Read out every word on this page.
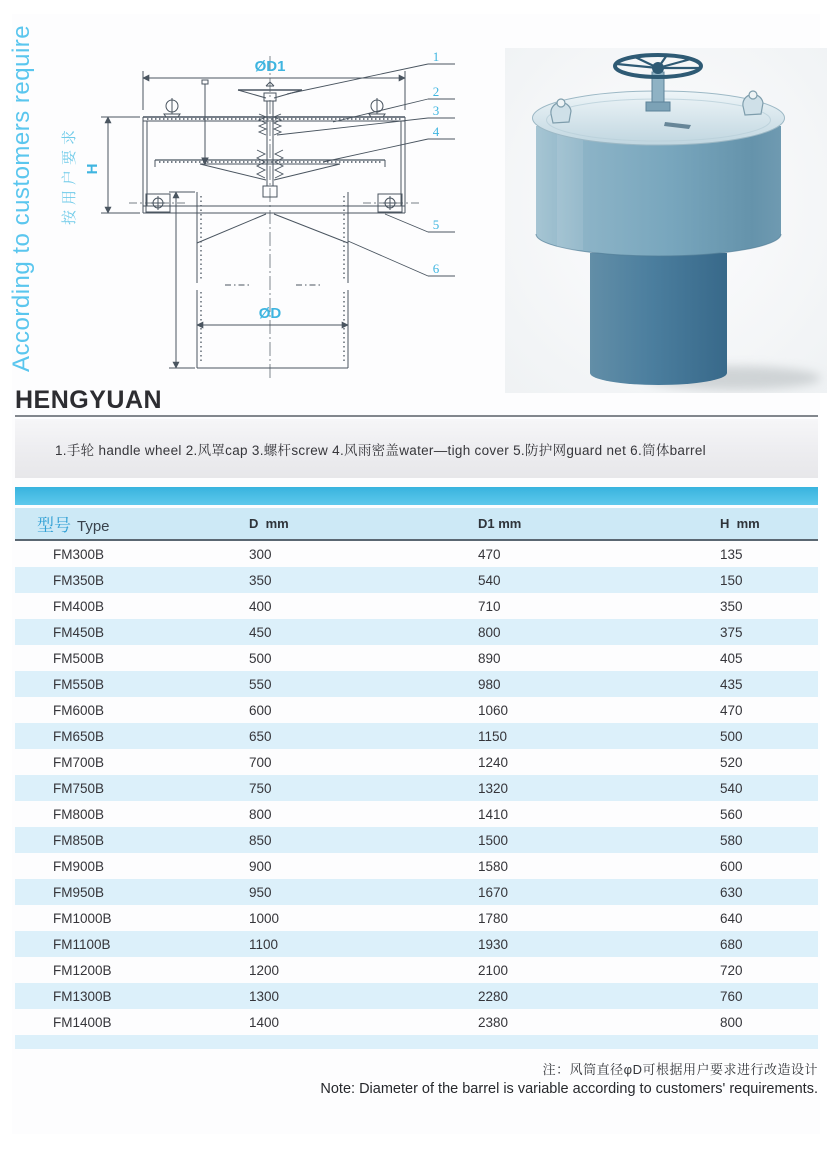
According to customers require 按用户要求
1
2
3
4
5
6
ØD1
H
ØD
HENGYUAN
1.手轮 handle wheel 2.风罩cap 3.螺杆screw 4.风雨密盖water—tigh cover 5.防护网guard net 6.筒体barrel
型号 Type	D  mm	D1 mm	H  mm
FM300B	300	470	135
FM350B	350	540	150
FM400B	400	710	350
FM450B	450	800	375
FM500B	500	890	405
FM550B	550	980	435
FM600B	600	1060	470
FM650B	650	1150	500
FM700B	700	1240	520
FM750B	750	1320	540
FM800B	800	1410	560
FM850B	850	1500	580
FM900B	900	1580	600
FM950B	950	1670	630
FM1000B	1000	1780	640
FM1100B	1100	1930	680
FM1200B	1200	2100	720
FM1300B	1300	2280	760
FM1400B	1400	2380	800
注：风筒直径φD可根据用户要求进行改造设计
Note: Diameter of the barrel is variable according to customers' requirements.
